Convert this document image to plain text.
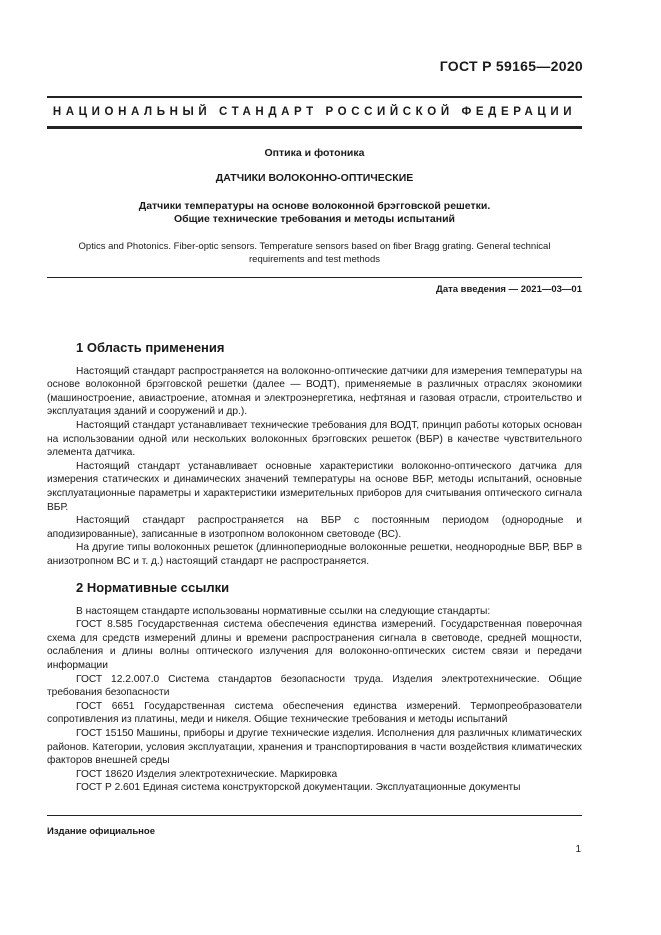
ГОСТ Р 59165—2020
НАЦИОНАЛЬНЫЙ СТАНДАРТ РОССИЙСКОЙ ФЕДЕРАЦИИ
Оптика и фотоника
ДАТЧИКИ ВОЛОКОННО-ОПТИЧЕСКИЕ
Датчики температуры на основе волоконной брэгговской решетки.
Общие технические требования и методы испытаний
Optics and Photonics. Fiber-optic sensors. Temperature sensors based on fiber Bragg grating. General technical
requirements and test methods
Дата введения — 2021—03—01
1 Область применения

Настоящий стандарт распространяется на волоконно-оптические датчики для измерения температуры на основе волоконной брэгговской решетки (далее — ВОДТ), применяемые в различных отраслях экономики (машиностроение, авиастроение, атомная и электроэнергетика, нефтяная и газовая отрасли, строительство и эксплуатация зданий и сооружений и др.).

Настоящий стандарт устанавливает технические требования для ВОДТ, принцип работы которых основан на использовании одной или нескольких волоконных брэгговских решеток (ВБР) в качестве чувствительного элемента датчика.

Настоящий стандарт устанавливает основные характеристики волоконно-оптического датчика для измерения статических и динамических значений температуры на основе ВБР, методы испытаний, основные эксплуатационные параметры и характеристики измерительных приборов для считывания оптического сигнала ВБР.

Настоящий стандарт распространяется на ВБР с постоянным периодом (однородные и аподизированные), записанные в изотропном волоконном световоде (ВС).

На другие типы волоконных решеток (длиннопериодные волоконные решетки, неоднородные ВБР, ВБР в анизотропном ВС и т. д.) настоящий стандарт не распространяется.

2 Нормативные ссылки

В настоящем стандарте использованы нормативные ссылки на следующие стандарты:

ГОСТ 8.585 Государственная система обеспечения единства измерений. Государственная поверочная схема для средств измерений длины и времени распространения сигнала в световоде, средней мощности, ослабления и длины волны оптического излучения для волоконно-оптических систем связи и передачи информации

ГОСТ 12.2.007.0 Система стандартов безопасности труда. Изделия электротехнические. Общие требования безопасности

ГОСТ 6651 Государственная система обеспечения единства измерений. Термопреобразователи сопротивления из платины, меди и никеля. Общие технические требования и методы испытаний

ГОСТ 15150 Машины, приборы и другие технические изделия. Исполнения для различных климатических районов. Категории, условия эксплуатации, хранения и транспортирования в части воздействия климатических факторов внешней среды

ГОСТ 18620 Изделия электротехнические. Маркировка

ГОСТ Р 2.601 Единая система конструкторской документации. Эксплуатационные документы

Издание официальное
1
